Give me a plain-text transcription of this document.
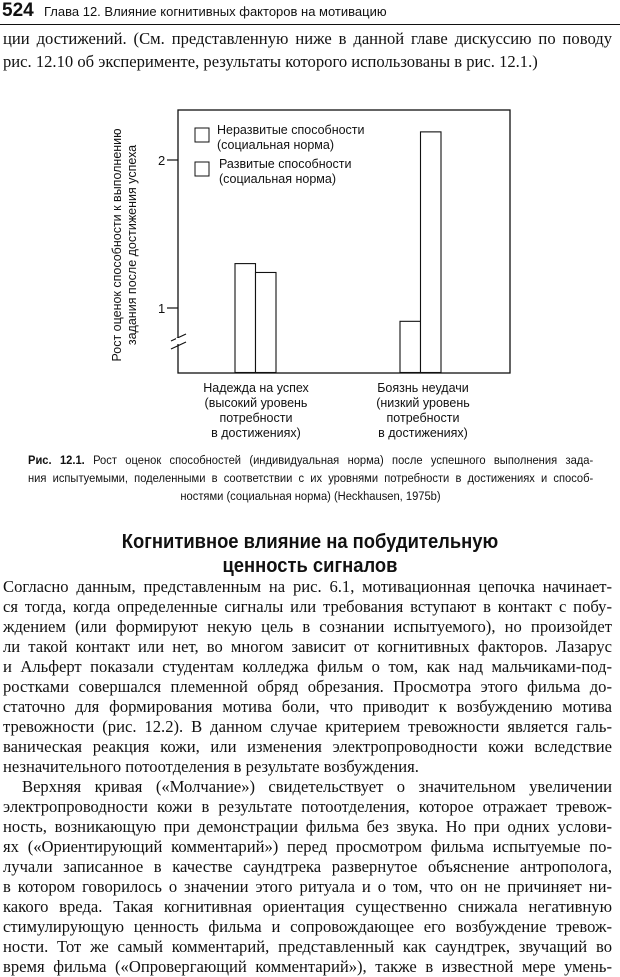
524 Глава 12. Влияние когнитивных факторов на мотивацию
ции достижений. (См. представленную ниже в данной главе дискуссию по поводу
рис. 12.10 об эксперименте, результаты которого использованы в рис. 12.1.)
Рост оценок способности к выполнению задания после достижения успеха 2
1
Неразвитые способности
(социальная норма)
Развитые способности
(социальная норма)
Надежда на успех
(высокий уровень
потребности
в достижениях)
Боязнь неудачи
(низкий уровень
потребности
в достижениях)
Рис. 12.1. Рост оценок способностей (индивидуальная норма) после успешного выполнения зада-
ния испытуемыми, поделенными в соответствии с их уровнями потребности в достижениях и способ-
ностями (социальная норма) (Heckhausen, 1975b)
Когнитивное влияние на побудительную
ценность сигналов
Согласно данным, представленным на рис. 6.1, мотивационная цепочка начинает-
ся тогда, когда определенные сигналы или требования вступают в контакт с побу-
ждением (или формируют некую цель в сознании испытуемого), но произойдет
ли такой контакт или нет, во многом зависит от когнитивных факторов. Лазарус
и Альферт показали студентам колледжа фильм о том, как над мальчиками-под-
ростками совершался племенной обряд обрезания. Просмотра этого фильма до-
статочно для формирования мотива боли, что приводит к возбуждению мотива
тревожности (рис. 12.2). В данном случае критерием тревожности является галь-
ваническая реакция кожи, или изменения электропроводности кожи вследствие
незначительного потоотделения в результате возбуждения.
Верхняя кривая («Молчание») свидетельствует о значительном увеличении
электропроводности кожи в результате потоотделения, которое отражает тревож-
ность, возникающую при демонстрации фильма без звука. Но при одних услови-
ях («Ориентирующий комментарий») перед просмотром фильма испытуемые по-
лучали записанное в качестве саундтрека развернутое объяснение антрополога,
в котором говорилось о значении этого ритуала и о том, что он не причиняет ни-
какого вреда. Такая когнитивная ориентация существенно снижала негативную
стимулирующую ценность фильма и сопровождающее его возбуждение тревож-
ности. Тот же самый комментарий, представленный как саундтрек, звучащий во
время фильма («Опровергающий комментарий»), также в известной мере умень-
